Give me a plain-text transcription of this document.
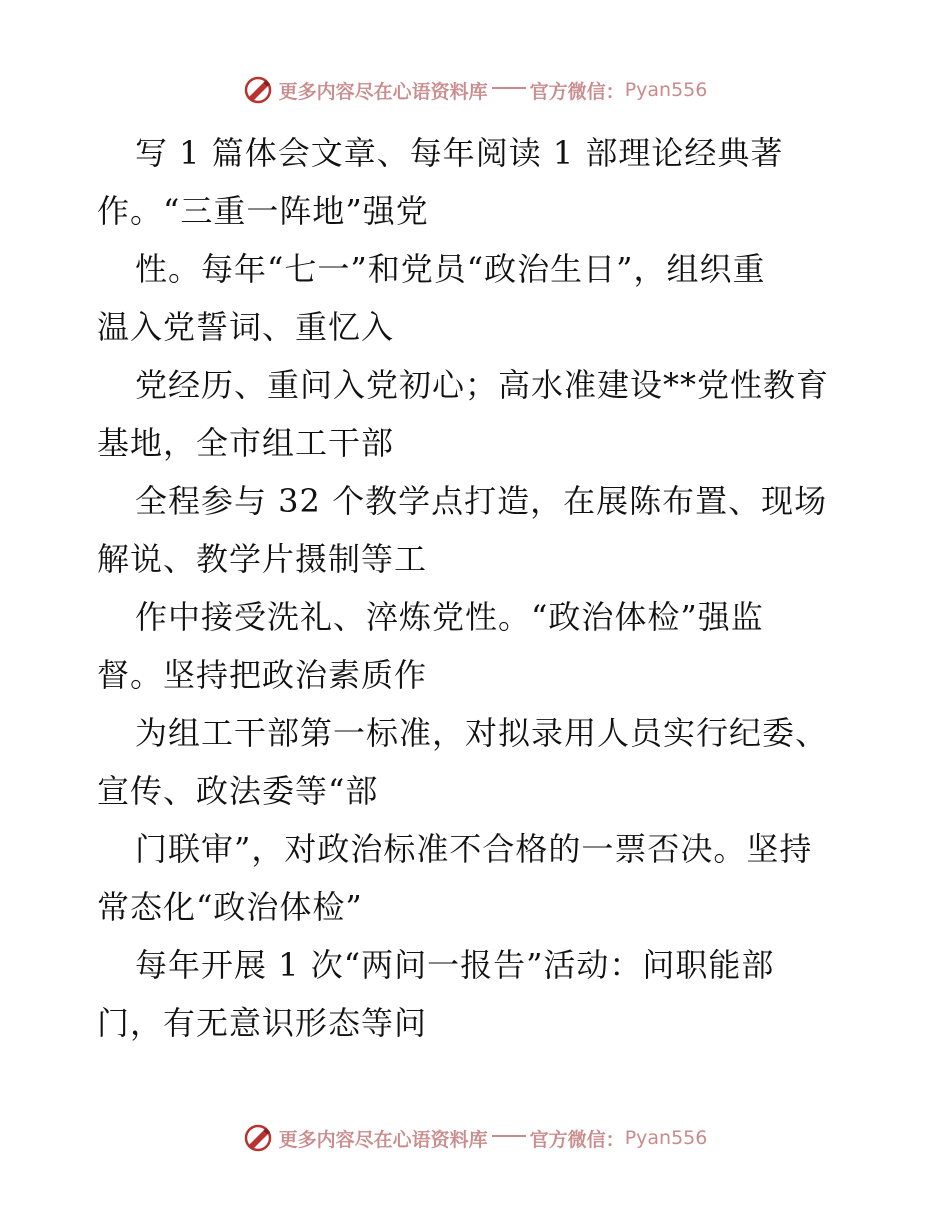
更多内容尽在心语资料库 官方微信： Pyan556
写 1 篇体会文章、每年阅读 1 部理论经典著
作。“三重一阵地”强党
性。每年“七一”和党员“政治生日”，组织重
温入党誓词、重忆入
党经历、重问入党初心；高水准建设**党性教育
基地，全市组工干部
全程参与 32 个教学点打造，在展陈布置、现场
解说、教学片摄制等工
作中接受洗礼、淬炼党性。“政治体检”强监
督。坚持把政治素质作
为组工干部第一标准，对拟录用人员实行纪委、
宣传、政法委等“部
门联审”，对政治标准不合格的一票否决。坚持
常态化“政治体检”
每年开展 1 次“两问一报告”活动：问职能部
门，有无意识形态等问
更多内容尽在心语资料库 官方微信： Pyan556
